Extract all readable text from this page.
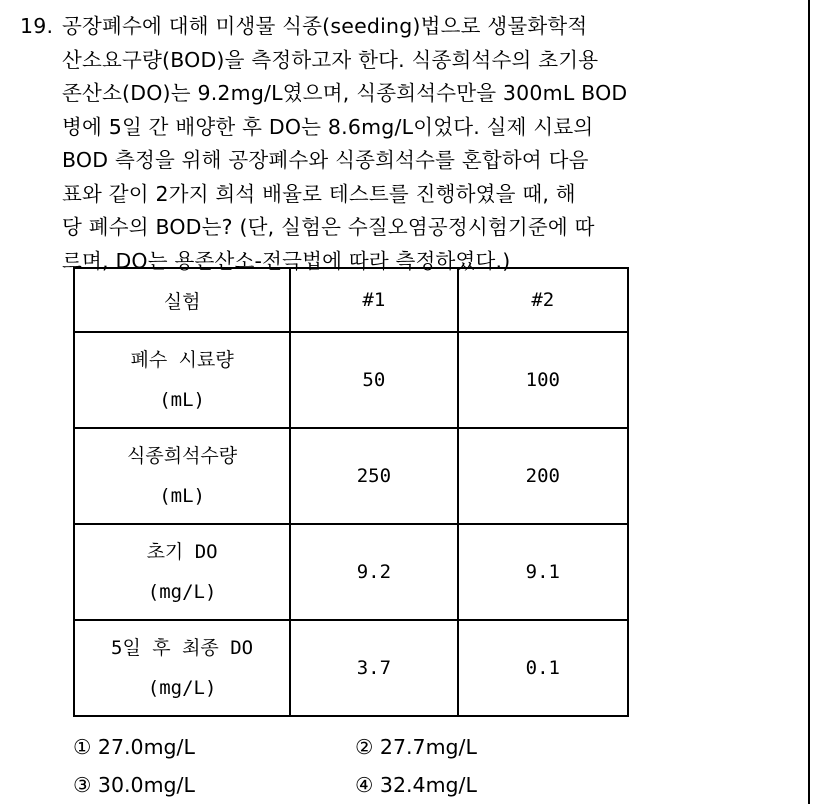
19. 공장폐수에 대해 미생물 식종(seeding)법으로 생물화학적
산소요구량(BOD)을 측정하고자 한다. 식종희석수의 초기용
존산소(DO)는 9.2mg/L였으며, 식종희석수만을 300mL BOD
병에 5일 간 배양한 후 DO는 8.6mg/L이었다. 실제 시료의
BOD 측정을 위해 공장폐수와 식종희석수를 혼합하여 다음
표와 같이 2가지 희석 배율로 테스트를 진행하였을 때, 해
당 폐수의 BOD는? (단, 실험은 수질오염공정시험기준에 따
르며, DO는 용존산소-전극법에 따라 측정하였다.)
실험	#1	#2

폐수 시료량
(mL)	50	100

식종희석수량
(mL)	250	200

초기 DO
(mg/L)	9.2	9.1

5일 후 최종 DO
(mg/L)	3.7	0.1
① 27.0mg/L	② 27.7mg/L
③ 30.0mg/L	④ 32.4mg/L
